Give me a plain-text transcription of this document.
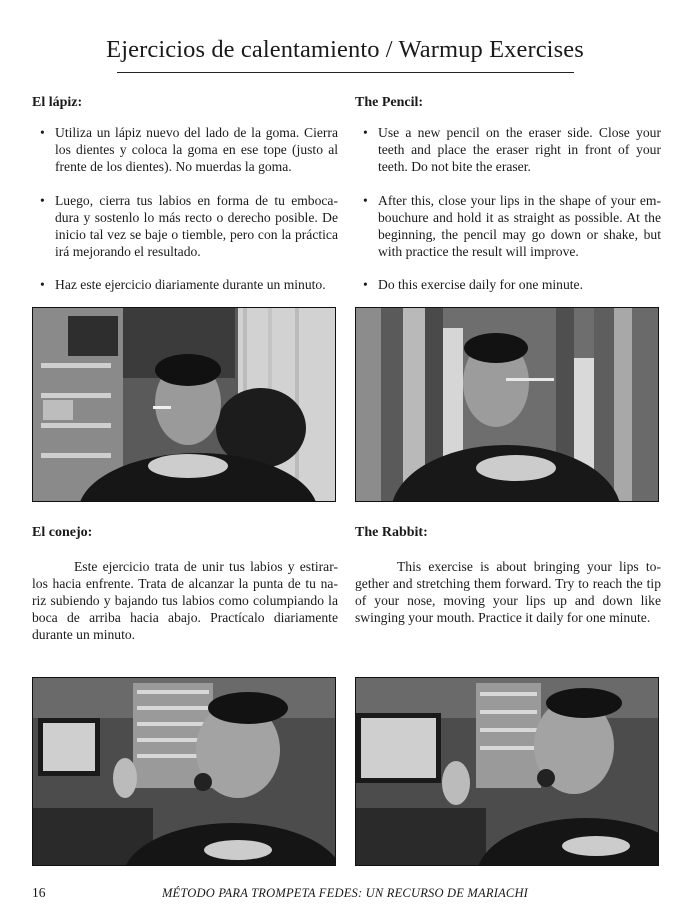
Ejercicios de calentamiento / Warmup Exercises
El lápiz:
• Utiliza un lápiz nuevo del lado de la goma. Cierra los dientes y coloca la goma en ese tope (justo al frente de los dientes). No muerdas la goma.
• Luego, cierra tus labios en forma de tu emboca-dura y sostenlo lo más recto o derecho posible. De inicio tal vez se baje o tiemble, pero con la práctica irá mejorando el resultado.
• Haz este ejercicio diariamente durante un minuto.
The Pencil:
• Use a new pencil on the eraser side. Close your teeth and place the eraser right in front of your teeth. Do not bite the eraser.
• After this, close your lips in the shape of your em-bouchure and hold it as straight as possible. At the beginning, the pencil may go down or shake, but with practice the result will improve.
• Do this exercise daily for one minute.
El conejo:
Este ejercicio trata de unir tus labios y estirar-los hacia enfrente. Trata de alcanzar la punta de tu na-riz subiendo y bajando tus labios como columpiando la boca de arriba hacia abajo. Practícalo diariamente durante un minuto.
The Rabbit:
This exercise is about bringing your lips to-gether and stretching them forward. Try to reach the tip of your nose, moving your lips up and down like swinging your mouth. Practice it daily for one minute.
16	MÉTODO PARA TROMPETA FEDES: UN RECURSO DE MARIACHI
